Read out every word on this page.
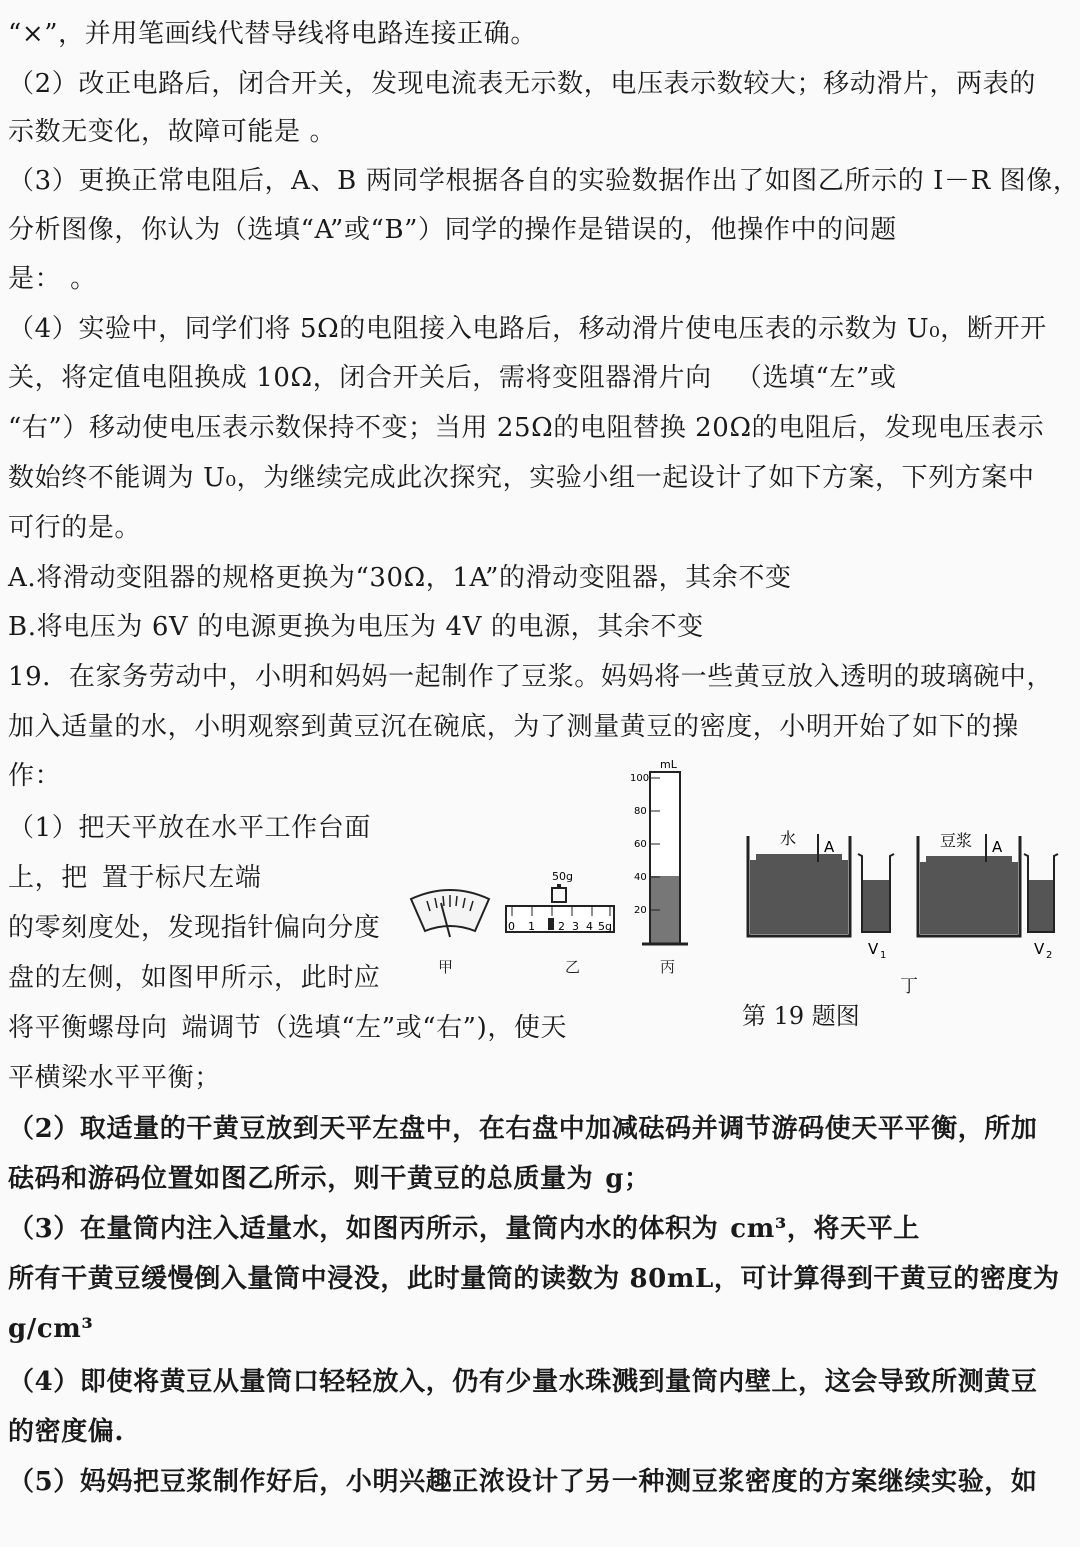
“×”，并用笔画线代替导线将电路连接正确。
（2）改正电路后，闭合开关，发现电流表无示数，电压表示数较大；移动滑片，两表的
示数无变化，故障可能是 。
（3）更换正常电阻后，A、B 两同学根据各自的实验数据作出了如图乙所示的 I－R 图像，
分析图像，你认为（选填“A”或“B”）同学的操作是错误的，他操作中的问题
是： 。
（4）实验中，同学们将 5Ω的电阻接入电路后，移动滑片使电压表的示数为 U₀，断开开
关，将定值电阻换成 10Ω，闭合开关后，需将变阻器滑片向 （选填“左”或
“右”）移动使电压表示数保持不变；当用 25Ω的电阻替换 20Ω的电阻后，发现电压表示
数始终不能调为 U₀，为继续完成此次探究，实验小组一起设计了如下方案，下列方案中
可行的是。
A.将滑动变阻器的规格更换为“30Ω，1A”的滑动变阻器，其余不变
B.将电压为 6V 的电源更换为电压为 4V 的电源，其余不变
19．在家务劳动中，小明和妈妈一起制作了豆浆。妈妈将一些黄豆放入透明的玻璃碗中，
加入适量的水，小明观察到黄豆沉在碗底，为了测量黄豆的密度，小明开始了如下的操
作：
（1）把天平放在水平工作台面
上，把 置于标尺左端
的零刻度处，发现指针偏向分度
盘的左侧，如图甲所示，此时应
将平衡螺母向 端调节（选填“左”或“右”)，使天
平横梁水平平衡；
（2）取适量的干黄豆放到天平左盘中，在右盘中加减砝码并调节游码使天平平衡，所加
砝码和游码位置如图乙所示，则干黄豆的总质量为 g；
（3）在量筒内注入适量水，如图丙所示，量筒内水的体积为 cm³，将天平上
所有干黄豆缓慢倒入量筒中浸没，此时量筒的读数为 80mL，可计算得到干黄豆的密度为
g/cm³
（4）即使将黄豆从量筒口轻轻放入，仍有少量水珠溅到量筒内壁上，这会导致所测黄豆
的密度偏.
（5）妈妈把豆浆制作好后，小明兴趣正浓设计了另一种测豆浆密度的方案继续实验，如
甲
50g
0 1 2 3 4 5g
乙
mL
100
80
60
40
20
丙
水 A
V 1
豆浆 A
V 2
丁
第 19 题图
